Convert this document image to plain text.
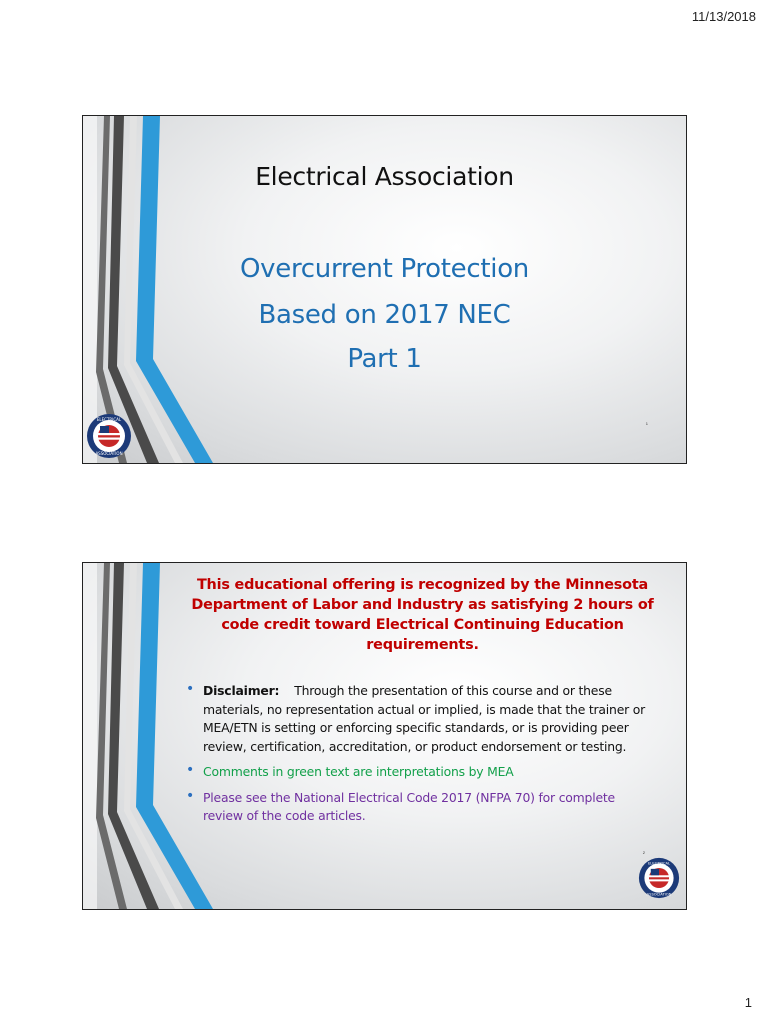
11/13/2018
ELECTRICAL
ASSOCIATION
Electrical Association
Overcurrent Protection
Based on 2017 NEC
Part 1
1
This educational offering is recognized by the Minnesota Department of Labor and Industry as satisfying 2 hours of code credit toward Electrical Continuing Education requirements.
• Disclaimer: Through the presentation of this course and or these materials, no representation actual or implied, is made that the trainer or MEA/ETN is setting or enforcing specific standards, or is providing peer review, certification, accreditation, or product endorsement or testing.
• Comments in green text are interpretations by MEA
• Please see the National Electrical Code 2017 (NFPA 70) for complete review of the code articles.
2
ELECTRICAL
ASSOCIATION
1
